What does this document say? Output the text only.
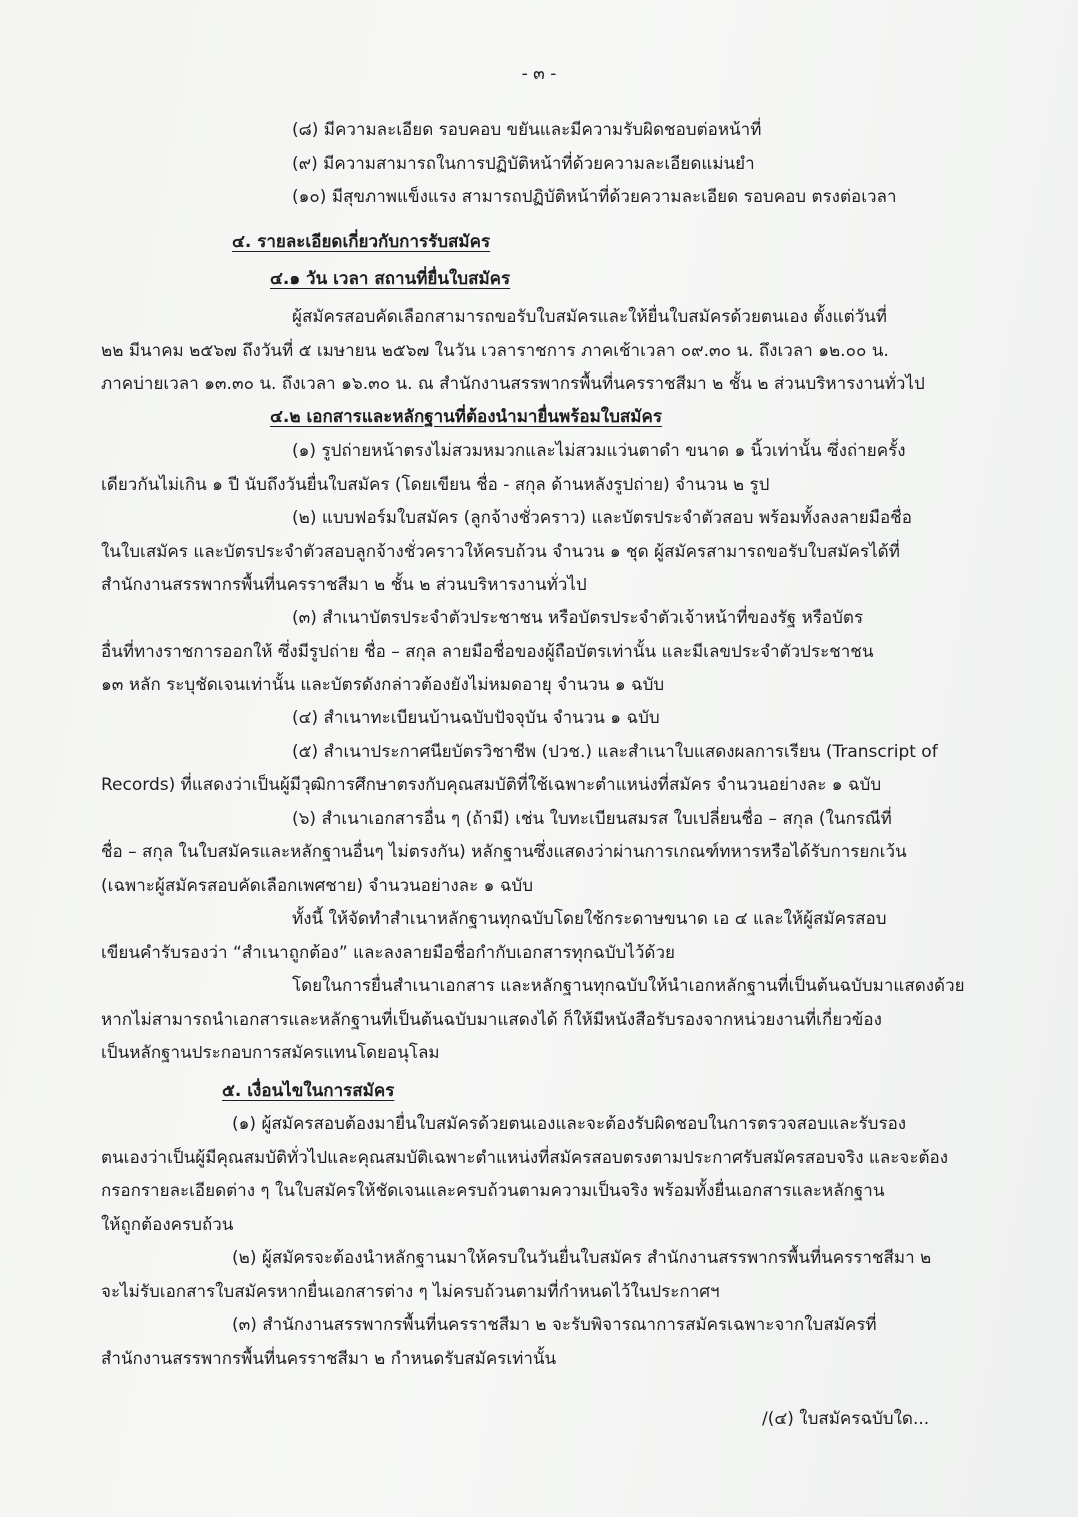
- ๓ -
(๘) มีความละเอียด รอบคอบ ขยันและมีความรับผิดชอบต่อหน้าที่
(๙) มีความสามารถในการปฏิบัติหน้าที่ด้วยความละเอียดแม่นยำ
(๑๐) มีสุขภาพแข็งแรง สามารถปฏิบัติหน้าที่ด้วยความละเอียด รอบคอบ ตรงต่อเวลา
๔. รายละเอียดเกี่ยวกับการรับสมัคร
๔.๑ วัน เวลา สถานที่ยื่นใบสมัคร
ผู้สมัครสอบคัดเลือกสามารถขอรับใบสมัครและให้ยื่นใบสมัครด้วยตนเอง ตั้งแต่วันที่
๒๒ มีนาคม ๒๕๖๗ ถึงวันที่ ๕ เมษายน ๒๕๖๗ ในวัน เวลาราชการ ภาคเช้าเวลา ๐๙.๓๐ น. ถึงเวลา ๑๒.๐๐ น.
ภาคบ่ายเวลา ๑๓.๓๐ น. ถึงเวลา ๑๖.๓๐ น. ณ สำนักงานสรรพากรพื้นที่นครราชสีมา ๒ ชั้น ๒ ส่วนบริหารงานทั่วไป
๔.๒ เอกสารและหลักฐานที่ต้องนำมายื่นพร้อมใบสมัคร
(๑) รูปถ่ายหน้าตรงไม่สวมหมวกและไม่สวมแว่นตาดำ ขนาด ๑ นิ้วเท่านั้น ซึ่งถ่ายครั้ง
เดียวกันไม่เกิน ๑ ปี นับถึงวันยื่นใบสมัคร (โดยเขียน ชื่อ - สกุล ด้านหลังรูปถ่าย) จำนวน ๒ รูป
(๒) แบบฟอร์มใบสมัคร (ลูกจ้างชั่วคราว) และบัตรประจำตัวสอบ พร้อมทั้งลงลายมือชื่อ
ในใบเสมัคร และบัตรประจำตัวสอบลูกจ้างชั่วคราวให้ครบถ้วน จำนวน ๑ ชุด ผู้สมัครสามารถขอรับใบสมัครได้ที่
สำนักงานสรรพากรพื้นที่นครราชสีมา ๒ ชั้น ๒ ส่วนบริหารงานทั่วไป
(๓) สำเนาบัตรประจำตัวประชาชน หรือบัตรประจำตัวเจ้าหน้าที่ของรัฐ หรือบัตร
อื่นที่ทางราชการออกให้ ซึ่งมีรูปถ่าย ชื่อ – สกุล ลายมือชื่อของผู้ถือบัตรเท่านั้น และมีเลขประจำตัวประชาชน
๑๓ หลัก ระบุชัดเจนเท่านั้น และบัตรดังกล่าวต้องยังไม่หมดอายุ จำนวน ๑ ฉบับ
(๔) สำเนาทะเบียนบ้านฉบับปัจจุบัน จำนวน ๑ ฉบับ
(๕) สำเนาประกาศนียบัตรวิชาชีพ (ปวช.) และสำเนาใบแสดงผลการเรียน (Transcript of
Records) ที่แสดงว่าเป็นผู้มีวุฒิการศึกษาตรงกับคุณสมบัติที่ใช้เฉพาะตำแหน่งที่สมัคร จำนวนอย่างละ ๑ ฉบับ
(๖) สำเนาเอกสารอื่น ๆ (ถ้ามี) เช่น ใบทะเบียนสมรส ใบเปลี่ยนชื่อ – สกุล (ในกรณีที่
ชื่อ – สกุล ในใบสมัครและหลักฐานอื่นๆ ไม่ตรงกัน) หลักฐานซึ่งแสดงว่าผ่านการเกณฑ์ทหารหรือได้รับการยกเว้น
(เฉพาะผู้สมัครสอบคัดเลือกเพศชาย) จำนวนอย่างละ ๑ ฉบับ
ทั้งนี้ ให้จัดทำสำเนาหลักฐานทุกฉบับโดยใช้กระดาษขนาด เอ ๔ และให้ผู้สมัครสอบ
เขียนคำรับรองว่า “สำเนาถูกต้อง” และลงลายมือชื่อกำกับเอกสารทุกฉบับไว้ด้วย
โดยในการยื่นสำเนาเอกสาร และหลักฐานทุกฉบับให้นำเอกหลักฐานที่เป็นต้นฉบับมาแสดงด้วย
หากไม่สามารถนำเอกสารและหลักฐานที่เป็นต้นฉบับมาแสดงได้ ก็ให้มีหนังสือรับรองจากหน่วยงานที่เกี่ยวข้อง
เป็นหลักฐานประกอบการสมัครแทนโดยอนุโลม
๕. เงื่อนไขในการสมัคร
(๑) ผู้สมัครสอบต้องมายื่นใบสมัครด้วยตนเองและจะต้องรับผิดชอบในการตรวจสอบและรับรอง
ตนเองว่าเป็นผู้มีคุณสมบัติทั่วไปและคุณสมบัติเฉพาะตำแหน่งที่สมัครสอบตรงตามประกาศรับสมัครสอบจริง และจะต้อง
กรอกรายละเอียดต่าง ๆ ในใบสมัครให้ชัดเจนและครบถ้วนตามความเป็นจริง พร้อมทั้งยื่นเอกสารและหลักฐาน
ให้ถูกต้องครบถ้วน
(๒) ผู้สมัครจะต้องนำหลักฐานมาให้ครบในวันยื่นใบสมัคร สำนักงานสรรพากรพื้นที่นครราชสีมา ๒
จะไม่รับเอกสารใบสมัครหากยื่นเอกสารต่าง ๆ ไม่ครบถ้วนตามที่กำหนดไว้ในประกาศฯ
(๓) สำนักงานสรรพากรพื้นที่นครราชสีมา ๒ จะรับพิจารณาการสมัครเฉพาะจากใบสมัครที่
สำนักงานสรรพากรพื้นที่นครราชสีมา ๒ กำหนดรับสมัครเท่านั้น
/(๔) ใบสมัครฉบับใด...
